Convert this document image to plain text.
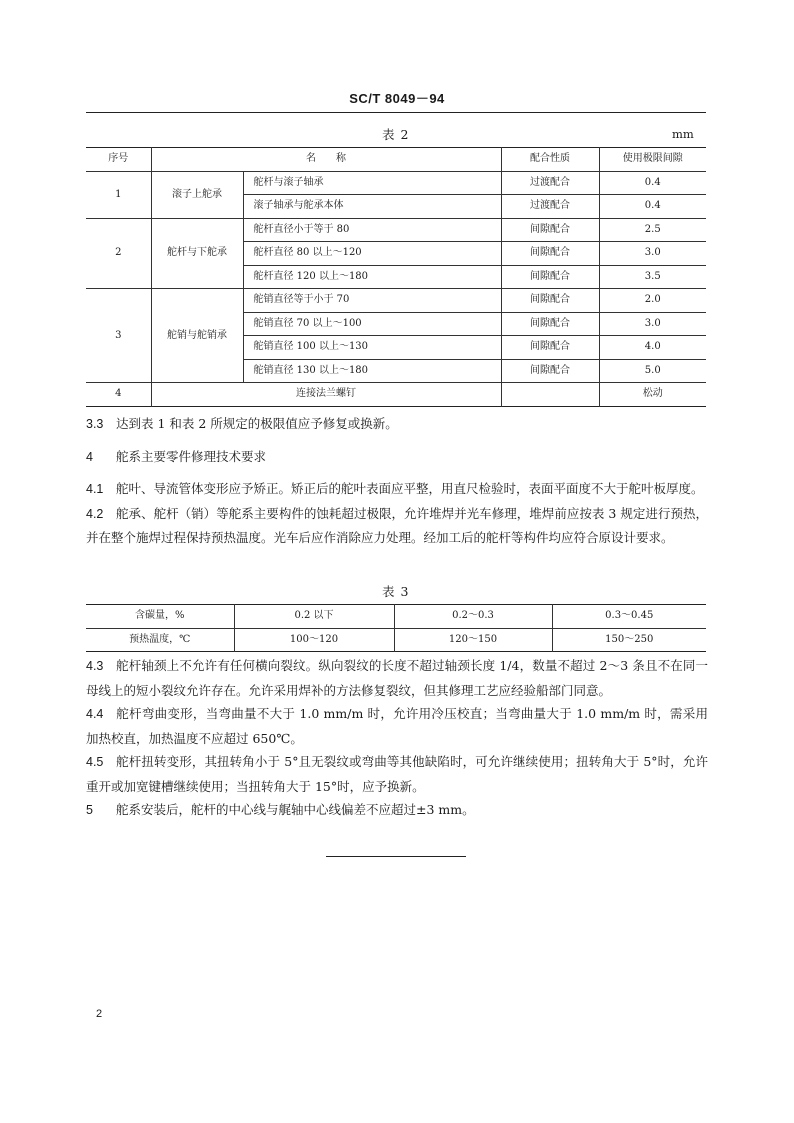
SC/T 8049－94
表 2	mm
序号	名　　称		配合性质	使用极限间隙
1	滚子上舵承	舵杆与滚子轴承	过渡配合	0.4
		滚子轴承与舵承本体	过渡配合	0.4
2	舵杆与下舵承	舵杆直径小于等于 80	间隙配合	2.5
		舵杆直径 80 以上～120	间隙配合	3.0
		舵杆直径 120 以上～180	间隙配合	3.5
3	舵销与舵销承	舵销直径等于小于 70	间隙配合	2.0
		舵销直径 70 以上～100	间隙配合	3.0
		舵销直径 100 以上～130	间隙配合	4.0
		舵销直径 130 以上～180	间隙配合	5.0
4	连接法兰螺钉			松动

3.3 达到表 1 和表 2 所规定的极限值应予修复或换新。

4 舵系主要零件修理技术要求

4.1 舵叶、导流管体变形应予矫正。矫正后的舵叶表面应平整，用直尺检验时，表面平面度不大于舵叶板厚度。

4.2 舵承、舵杆（销）等舵系主要构件的蚀耗超过极限，允许堆焊并光车修理，堆焊前应按表 3 规定进行预热，并在整个施焊过程保持预热温度。光车后应作消除应力处理。经加工后的舵杆等构件均应符合原设计要求。

表 3
含碳量，%	0.2 以下	0.2～0.3	0.3～0.45
预热温度，℃	100～120	120～150	150～250

4.3 舵杆轴颈上不允许有任何横向裂纹。纵向裂纹的长度不超过轴颈长度 1/4，数量不超过 2～3 条且不在同一母线上的短小裂纹允许存在。允许采用焊补的方法修复裂纹，但其修理工艺应经验船部门同意。

4.4 舵杆弯曲变形，当弯曲量不大于 1.0 mm/m 时，允许用冷压校直；当弯曲量大于 1.0 mm/m 时，需采用加热校直，加热温度不应超过 650℃。

4.5 舵杆扭转变形，其扭转角小于 5°且无裂纹或弯曲等其他缺陷时，可允许继续使用；扭转角大于 5°时，允许重开或加宽键槽继续使用；当扭转角大于 15°时，应予换新。

5 舵系安装后，舵杆的中心线与艉轴中心线偏差不应超过±3 mm。

2
